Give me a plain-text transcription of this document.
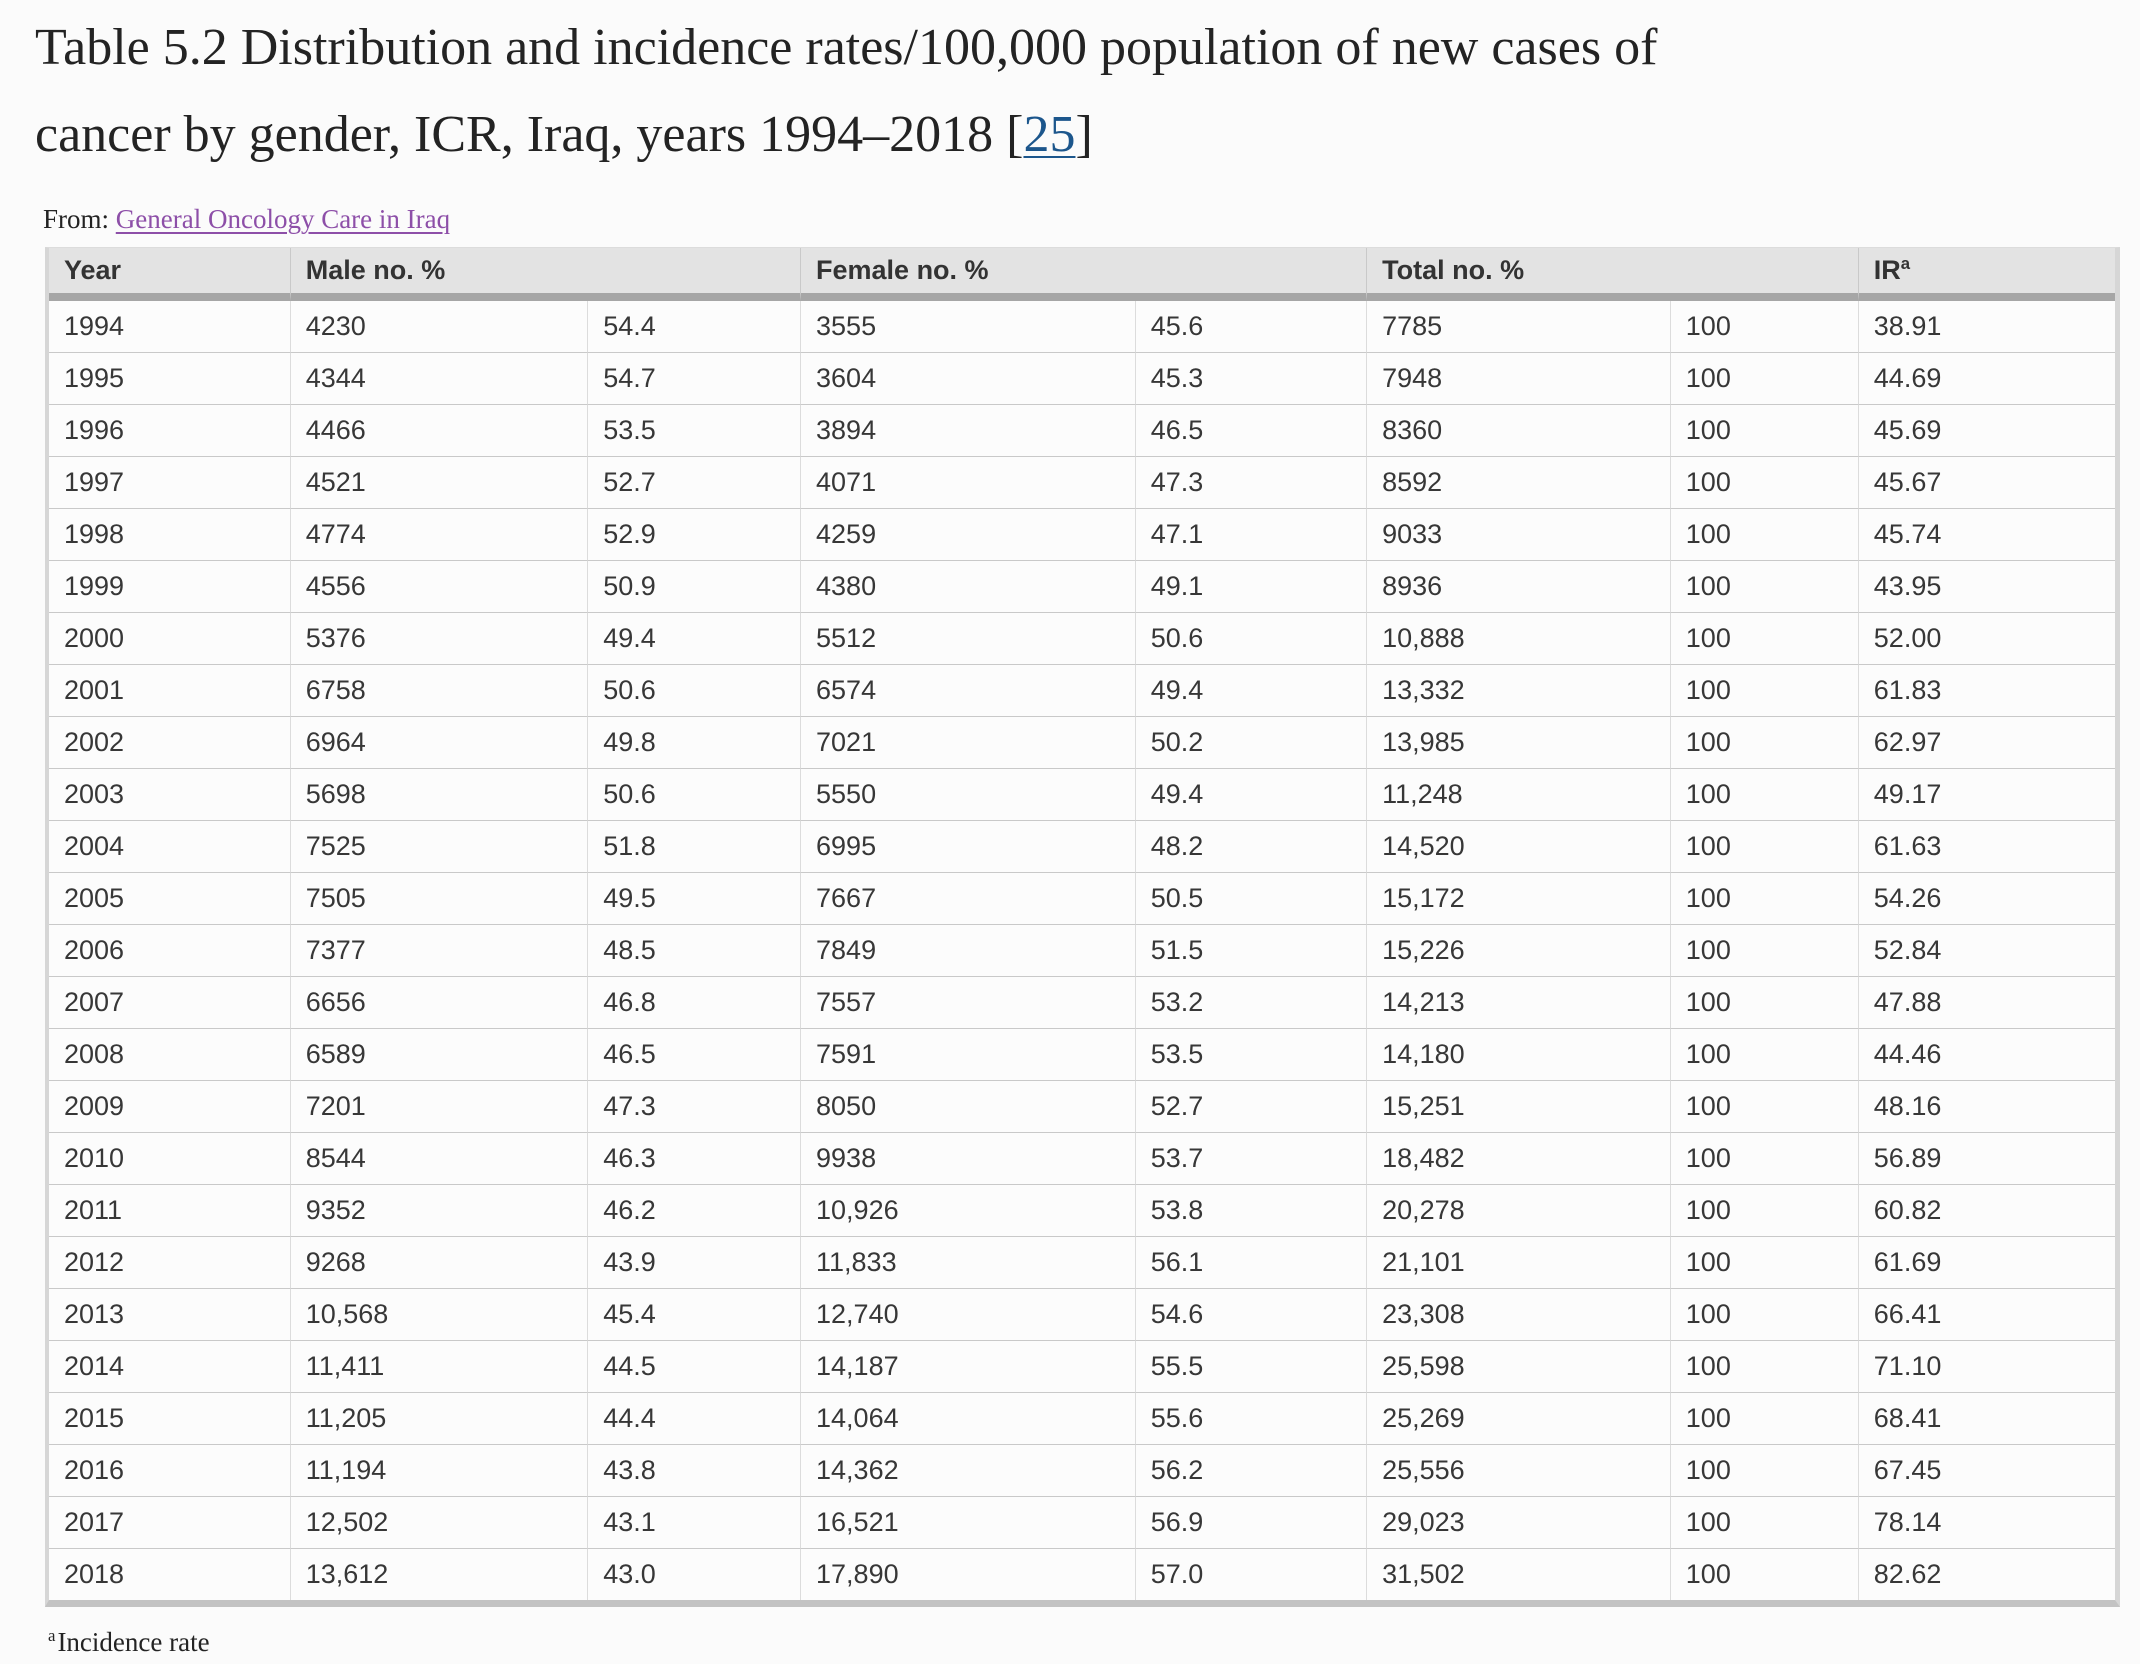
Table 5.2 Distribution and incidence rates/100,000 population of new cases of
cancer by gender, ICR, Iraq, years 1994–2018 [25]

From: General Oncology Care in Iraq

Year	Male no. %		Female no. %		Total no. %		$IR^a$
1994	4230	54.4	3555	45.6	7785	100	38.91
1995	4344	54.7	3604	45.3	7948	100	44.69
1996	4466	53.5	3894	46.5	8360	100	45.69
1997	4521	52.7	4071	47.3	8592	100	45.67
1998	4774	52.9	4259	47.1	9033	100	45.74
1999	4556	50.9	4380	49.1	8936	100	43.95
2000	5376	49.4	5512	50.6	10,888	100	52.00
2001	6758	50.6	6574	49.4	13,332	100	61.83
2002	6964	49.8	7021	50.2	13,985	100	62.97
2003	5698	50.6	5550	49.4	11,248	100	49.17
2004	7525	51.8	6995	48.2	14,520	100	61.63
2005	7505	49.5	7667	50.5	15,172	100	54.26
2006	7377	48.5	7849	51.5	15,226	100	52.84
2007	6656	46.8	7557	53.2	14,213	100	47.88
2008	6589	46.5	7591	53.5	14,180	100	44.46
2009	7201	47.3	8050	52.7	15,251	100	48.16
2010	8544	46.3	9938	53.7	18,482	100	56.89
2011	9352	46.2	10,926	53.8	20,278	100	60.82
2012	9268	43.9	11,833	56.1	21,101	100	61.69
2013	10,568	45.4	12,740	54.6	23,308	100	66.41
2014	11,411	44.5	14,187	55.5	25,598	100	71.10
2015	11,205	44.4	14,064	55.6	25,269	100	68.41
2016	11,194	43.8	14,362	56.2	25,556	100	67.45
2017	12,502	43.1	16,521	56.9	29,023	100	78.14
2018	13,612	43.0	17,890	57.0	31,502	100	82.62

$^a$Incidence rate
